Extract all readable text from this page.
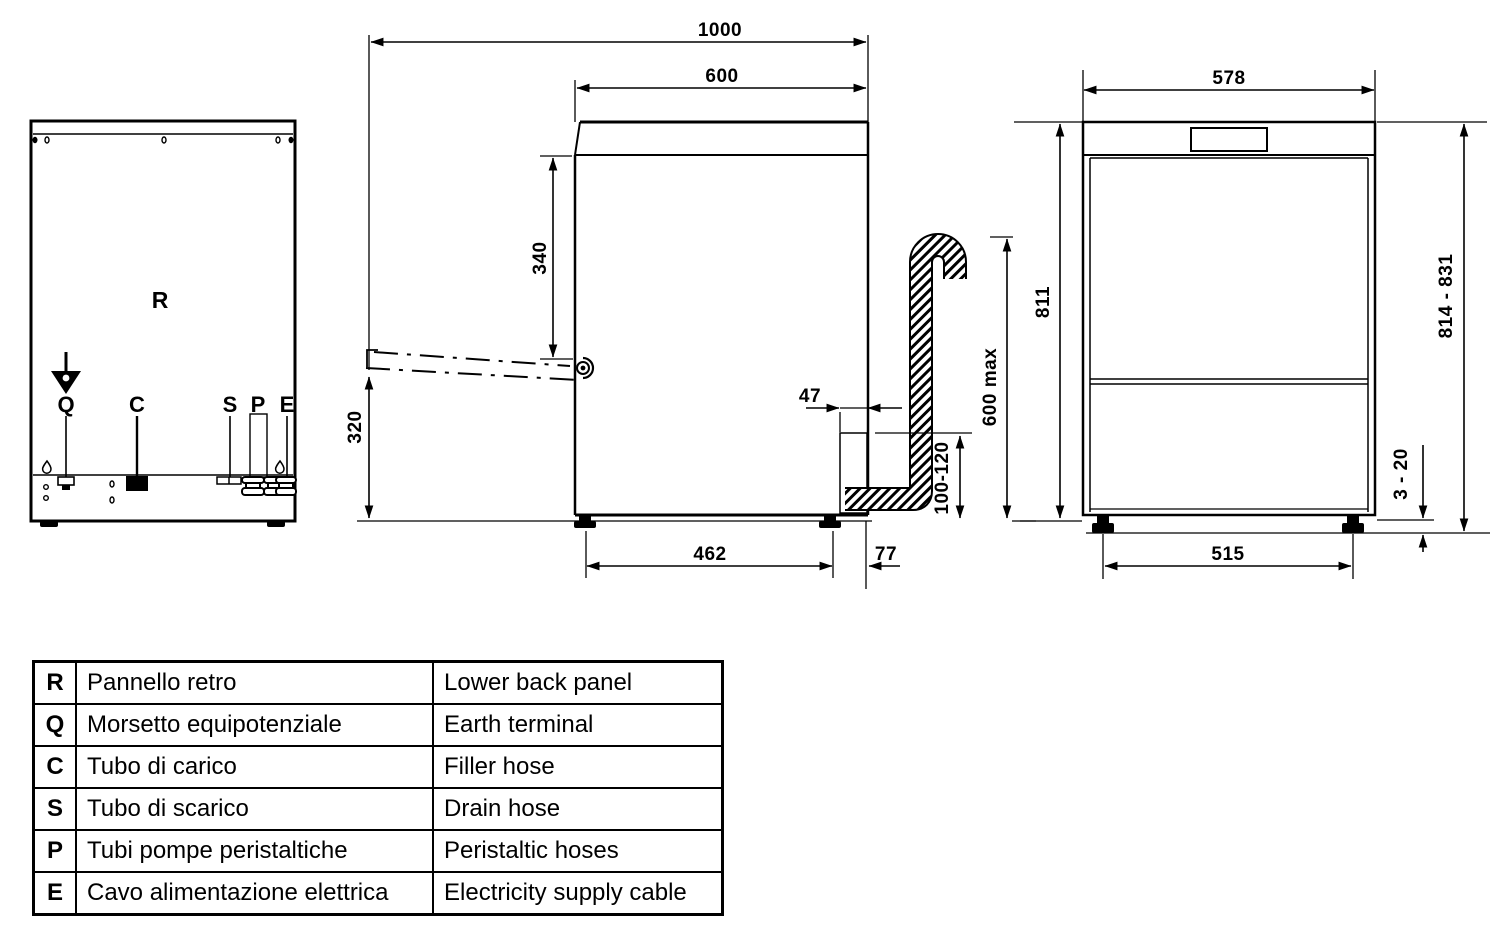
R
Q C	S P E
1000
600
340
320
462	77
47
100-120
600 max
578
811	814 - 831
3 - 20
515
R	Pannello retro	Lower back panel
Q	Morsetto equipotenziale	Earth terminal
C	Tubo di carico	Filler hose
S	Tubo di scarico	Drain hose
P	Tubi pompe peristaltiche	Peristaltic hoses
E	Cavo alimentazione elettrica	Electricity supply cable
